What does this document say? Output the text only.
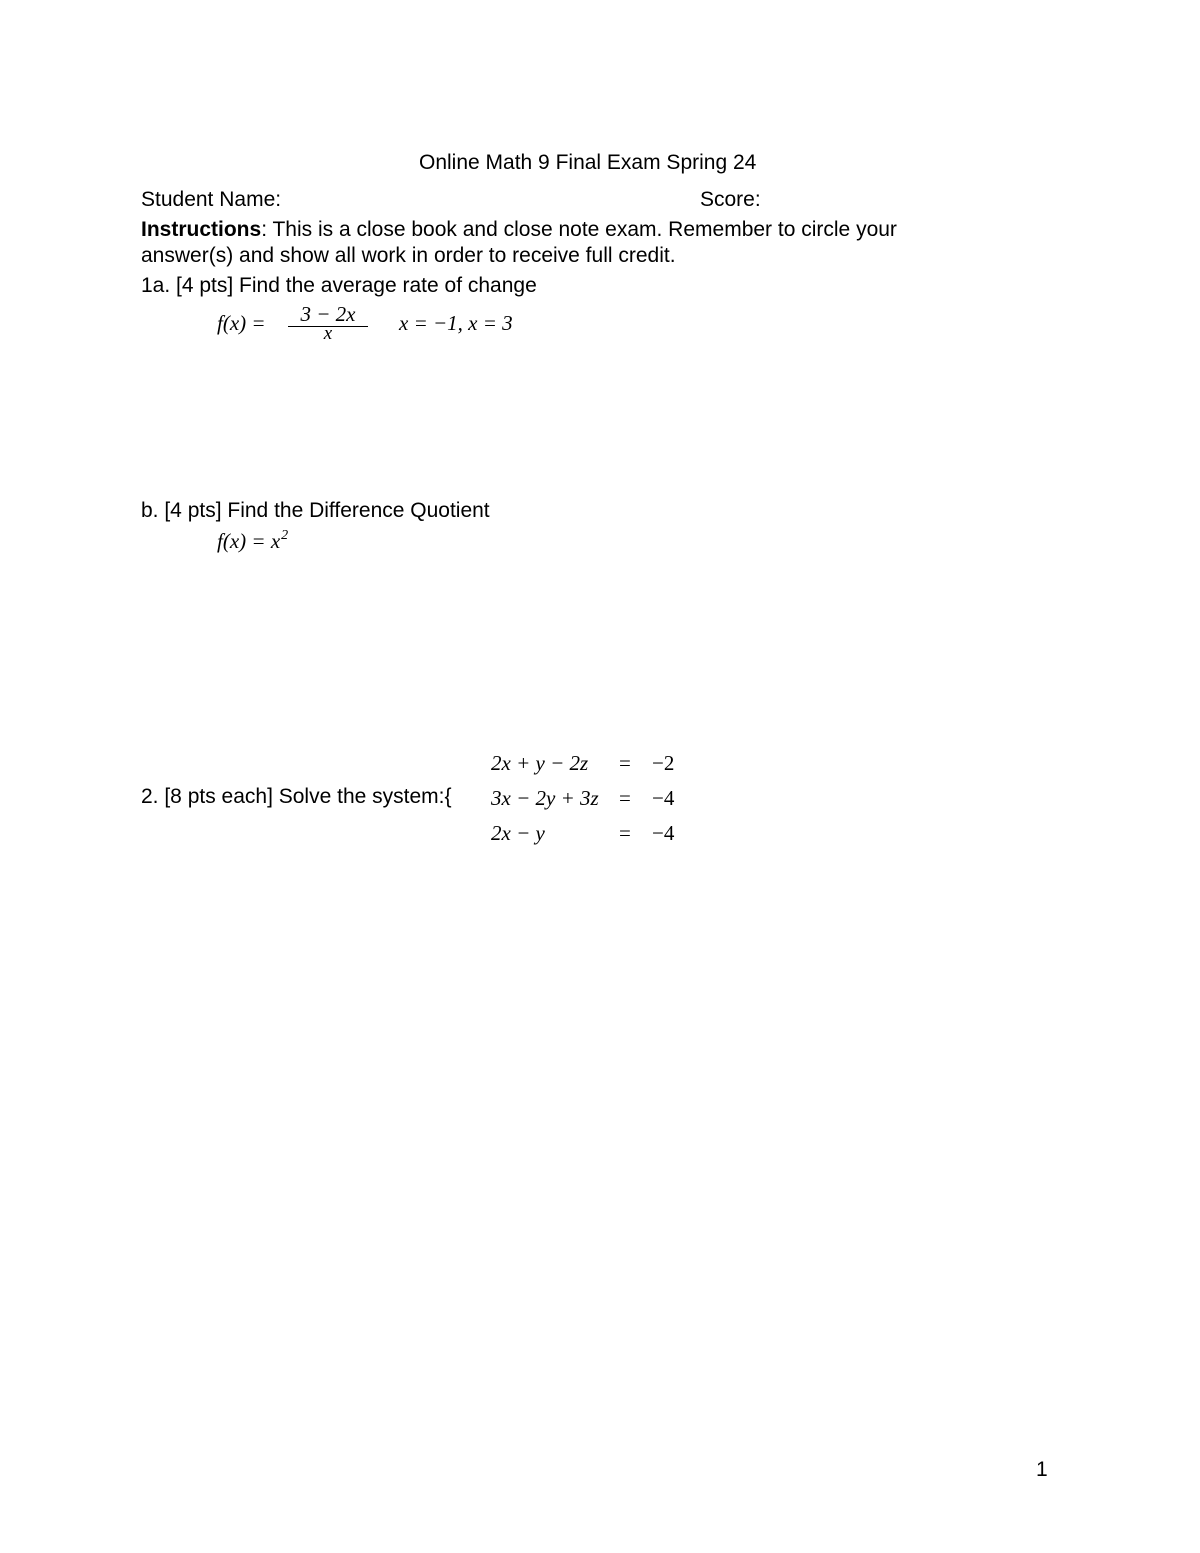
Online Math 9 Final Exam Spring 24
Student Name:	Score:
Instructions: This is a close book and close note exam. Remember to circle your
answer(s) and show all work in order to receive full credit.
1a. [4 pts] Find the average rate of change
f(x) =	3 − 2x
x	x = −1, x = 3
b. [4 pts] Find the Difference Quotient
$f(x) = x^2$
2. [8 pts each] Solve the system:{
2x + y − 2z = −2
3x − 2y + 3z = −4
2x − y	= −4
1
